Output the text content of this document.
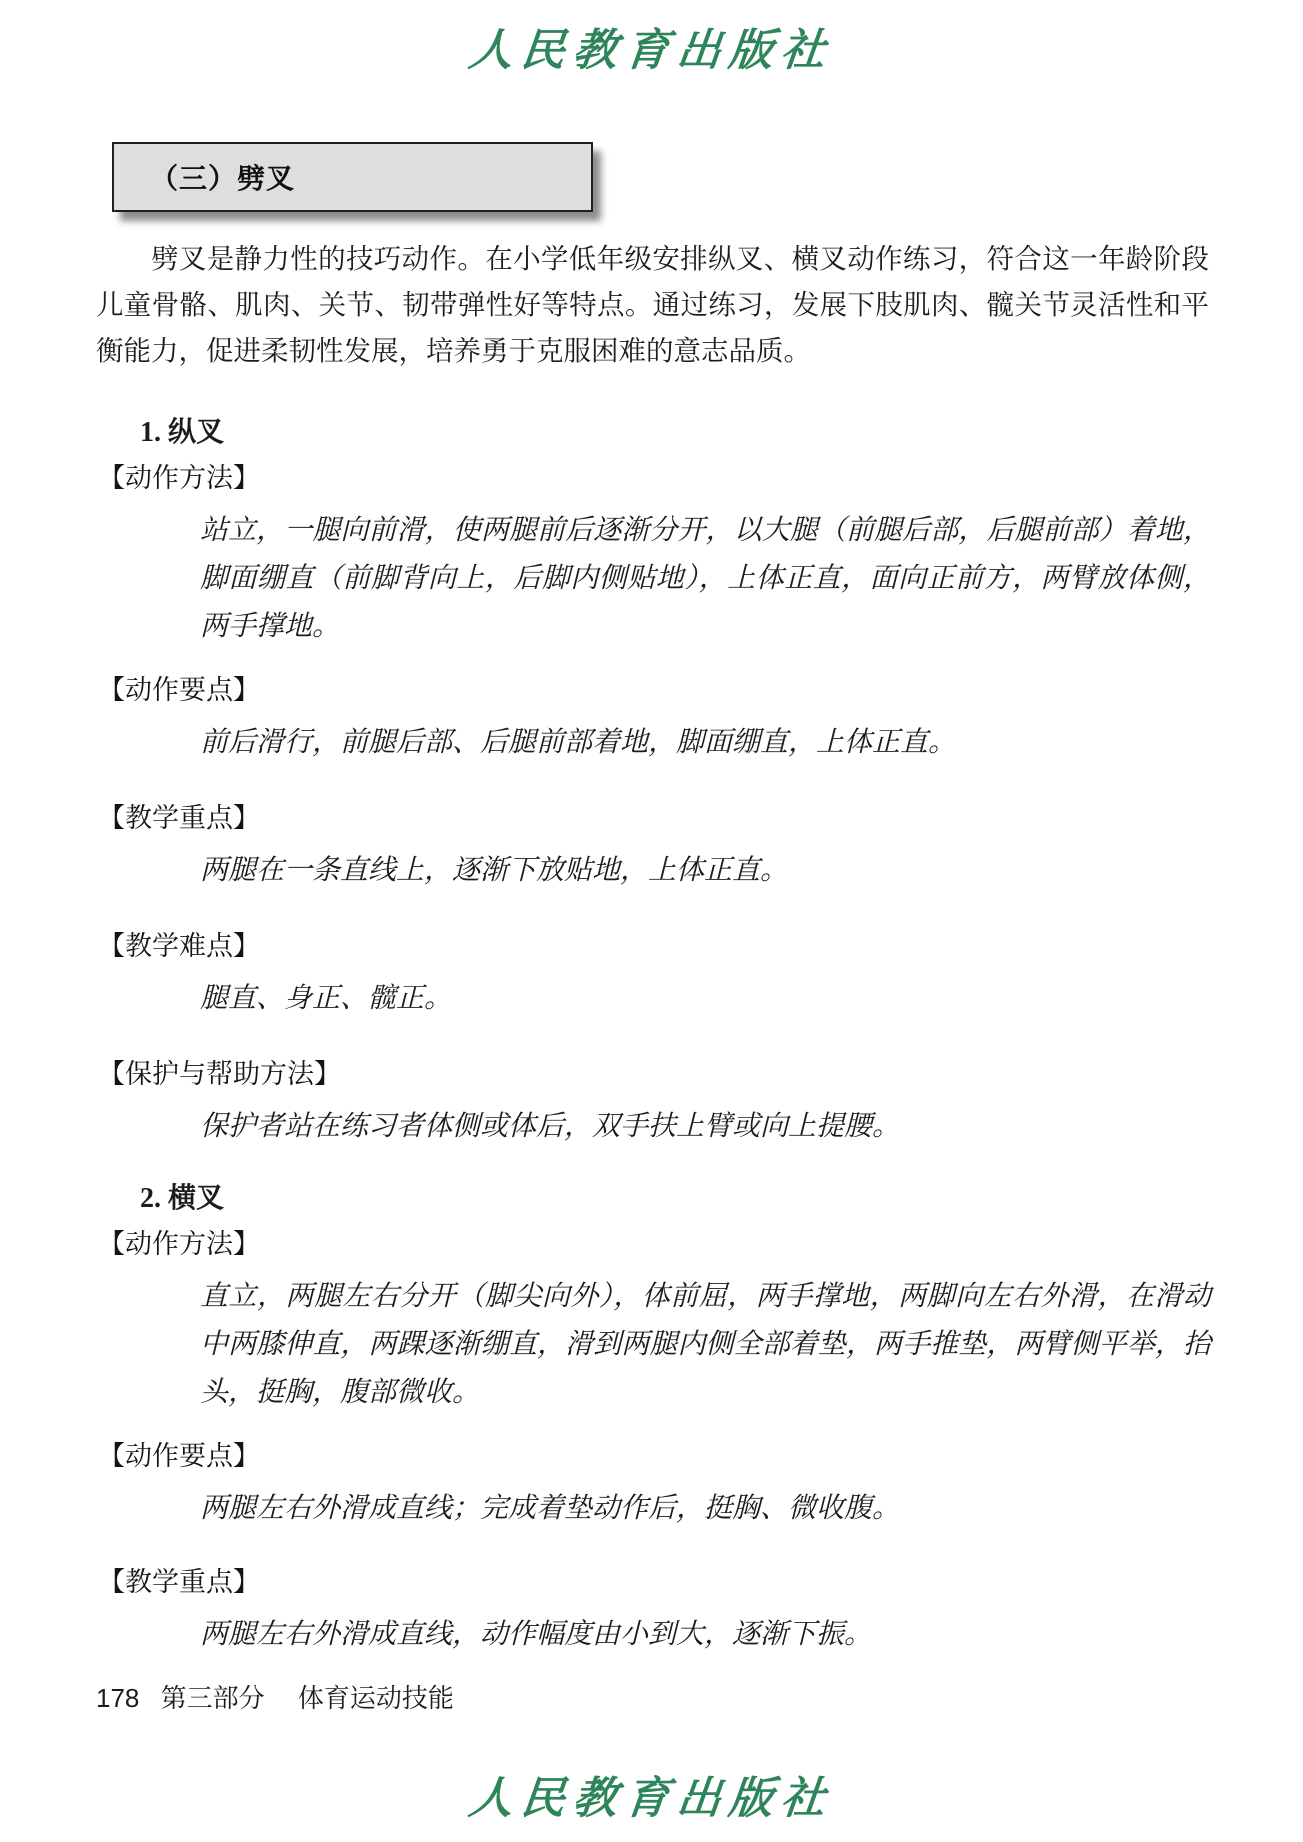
人民教育出版社
（三）劈叉

劈叉是静力性的技巧动作。在小学低年级安排纵叉、横叉动作练习，符合这一年龄阶段儿童骨骼、肌肉、关节、韧带弹性好等特点。通过练习，发展下肢肌肉、髋关节灵活性和平衡能力，促进柔韧性发展，培养勇于克服困难的意志品质。

1. 纵叉
【动作方法】
站立，一腿向前滑，使两腿前后逐渐分开，以大腿（前腿后部，后腿前部）着地，脚面绷直（前脚背向上，后脚内侧贴地），上体正直，面向正前方，两臂放体侧，两手撑地。
【动作要点】
前后滑行，前腿后部、后腿前部着地，脚面绷直，上体正直。
【教学重点】
两腿在一条直线上，逐渐下放贴地，上体正直。
【教学难点】
腿直、身正、髋正。
【保护与帮助方法】
保护者站在练习者体侧或体后，双手扶上臂或向上提腰。
2. 横叉
【动作方法】
直立，两腿左右分开（脚尖向外），体前屈，两手撑地，两脚向左右外滑，在滑动中两膝伸直，两踝逐渐绷直，滑到两腿内侧全部着垫，两手推垫，两臂侧平举，抬头，挺胸，腹部微收。
【动作要点】
两腿左右外滑成直线；完成着垫动作后，挺胸、微收腹。
【教学重点】
两腿左右外滑成直线，动作幅度由小到大，逐渐下振。
178 第三部分 体育运动技能
人民教育出版社
